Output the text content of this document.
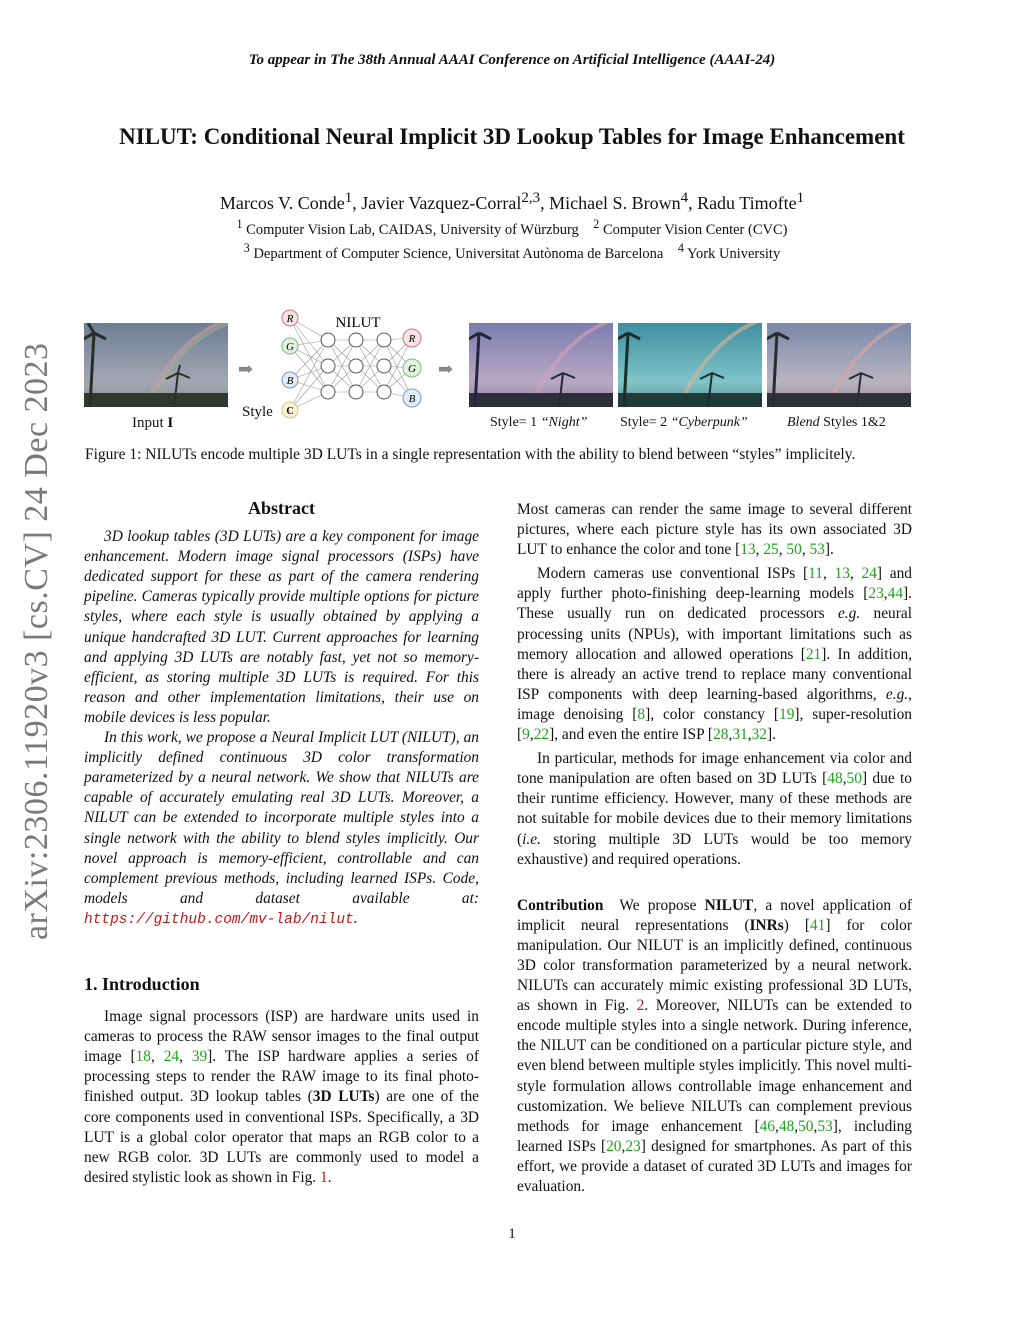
To appear in The 38th Annual AAAI Conference on Artificial Intelligence (AAAI-24)
NILUT: Conditional Neural Implicit 3D Lookup Tables for Image Enhancement
Marcos V. Conde$^1$, Javier Vazquez-Corral$^{2,3}$, Michael S. Brown$^4$, Radu Timofte$^1$
$^1$ Computer Vision Lab, CAIDAS, University of Würzburg $^2$ Computer Vision Center (CVC)
$^3$ Department of Computer Science, Universitat Autònoma de Barcelona $^4$ York University
arXiv:2306.11920v3 [cs.CV] 24 Dec 2023	➡
R
G
B
C
R
G
B
NILUT
Style
➡
Input I	Style= 1 “Night” Style= 2 “Cyberpunk”	Blend Styles 1&2
Figure 1: NILUTs encode multiple 3D LUTs in a single representation with the ability to blend between “styles” implicitely.
Abstract

3D lookup tables (3D LUTs) are a key component for image enhancement. Modern image signal processors (ISPs) have dedicated support for these as part of the camera rendering pipeline. Cameras typically provide multiple options for picture styles, where each style is usually obtained by applying a unique handcrafted 3D LUT. Current approaches for learning and applying 3D LUTs are notably fast, yet not so memory-efficient, as storing multiple 3D LUTs is required. For this reason and other implementation limitations, their use on mobile devices is less popular.

In this work, we propose a Neural Implicit LUT (NILUT), an implicitly defined continuous 3D color transformation parameterized by a neural network. We show that NILUTs are capable of accurately emulating real 3D LUTs. Moreover, a NILUT can be extended to incorporate multiple styles into a single network with the ability to blend styles implicitly. Our novel approach is memory-efficient, controllable and can complement previous methods, including learned ISPs. Code, models and dataset available at: https://github.com/mv-lab/nilut.

1. Introduction

Image signal processors (ISP) are hardware units used in cameras to process the RAW sensor images to the final output image [18, 24, 39]. The ISP hardware applies a series of processing steps to render the RAW image to its final photo-finished output. 3D lookup tables (3D LUTs) are one of the core components used in conventional ISPs. Specifically, a 3D LUT is a global color operator that maps an RGB color to a new RGB color. 3D LUTs are commonly used to model a desired stylistic look as shown in Fig. 1.

Most cameras can render the same image to several different pictures, where each picture style has its own associated 3D LUT to enhance the color and tone [13, 25, 50, 53].

Modern cameras use conventional ISPs [11, 13, 24] and apply further photo-finishing deep-learning models [23,44]. These usually run on dedicated processors e.g. neural processing units (NPUs), with important limitations such as memory allocation and allowed operations [21]. In addition, there is already an active trend to replace many conventional ISP components with deep learning-based algorithms, e.g., image denoising [8], color constancy [19], super-resolution [9,22], and even the entire ISP [28,31,32].

In particular, methods for image enhancement via color and tone manipulation are often based on 3D LUTs [48,50] due to their runtime efficiency. However, many of these methods are not suitable for mobile devices due to their memory limitations (i.e. storing multiple 3D LUTs would be too memory exhaustive) and required operations.

Contribution  We propose NILUT, a novel application of implicit neural representations (INRs) [41] for color manipulation. Our NILUT is an implicitly defined, continuous 3D color transformation parameterized by a neural network. NILUTs can accurately mimic existing professional 3D LUTs, as shown in Fig. 2. Moreover, NILUTs can be extended to encode multiple styles into a single network. During inference, the NILUT can be conditioned on a particular picture style, and even blend between multiple styles implicitly. This novel multi-style formulation allows controllable image enhancement and customization. We believe NILUTs can complement previous methods for image enhancement [46,48,50,53], including learned ISPs [20,23] designed for smartphones. As part of this effort, we provide a dataset of curated 3D LUTs and images for evaluation.

1
